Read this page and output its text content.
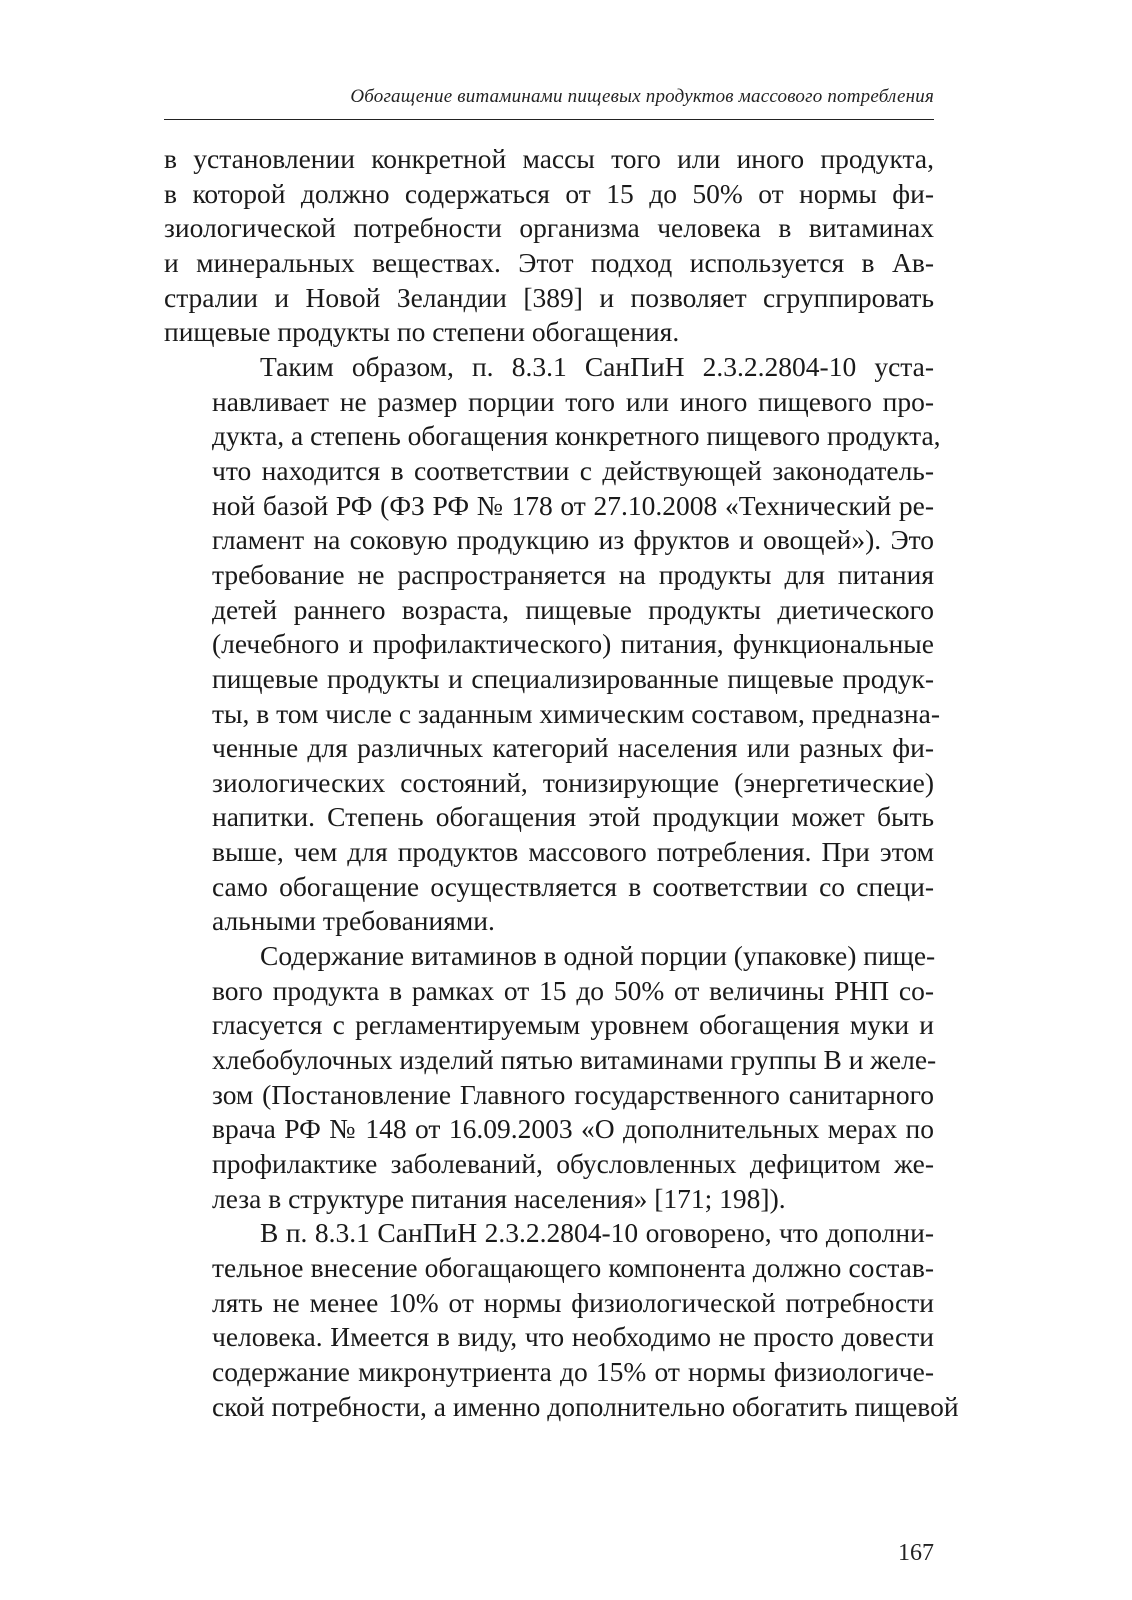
Обогащение витаминами пищевых продуктов массового потребления
в установлении конкретной массы того или иного продукта,
в которой должно содержаться от 15 до 50% от нормы фи-
зиологической потребности организма человека в витаминах
и минеральных веществах. Этот подход используется в Ав-
стралии и Новой Зеландии [389] и позволяет сгруппировать
пищевые продукты по степени обогащения.
Таким образом, п. 8.3.1 СанПиН 2.3.2.2804-10 уста-
навливает не размер порции того или иного пищевого про-
дукта, а степень обогащения конкретного пищевого продукта,
что находится в соответствии с действующей законодатель-
ной базой РФ (ФЗ РФ № 178 от 27.10.2008 «Технический ре-
гламент на соковую продукцию из фруктов и овощей»). Это
требование не распространяется на продукты для питания
детей раннего возраста, пищевые продукты диетического
(лечебного и профилактического) питания, функциональные
пищевые продукты и специализированные пищевые продук-
ты, в том числе с заданным химическим составом, предназна-
ченные для различных категорий населения или разных фи-
зиологических состояний, тонизирующие (энергетические)
напитки. Степень обогащения этой продукции может быть
выше, чем для продуктов массового потребления. При этом
само обогащение осуществляется в соответствии со специ-
альными требованиями.
Содержание витаминов в одной порции (упаковке) пище-
вого продукта в рамках от 15 до 50% от величины РНП со-
гласуется с регламентируемым уровнем обогащения муки и
хлебобулочных изделий пятью витаминами группы В и желе-
зом (Постановление Главного государственного санитарного
врача РФ № 148 от 16.09.2003 «О дополнительных мерах по
профилактике заболеваний, обусловленных дефицитом же-
леза в структуре питания населения» [171; 198]).
В п. 8.3.1 СанПиН 2.3.2.2804-10 оговорено, что дополни-
тельное внесение обогащающего компонента должно состав-
лять не менее 10% от нормы физиологической потребности
человека. Имеется в виду, что необходимо не просто довести
содержание микронутриента до 15% от нормы физиологиче-
ской потребности, а именно дополнительно обогатить пищевой
167
